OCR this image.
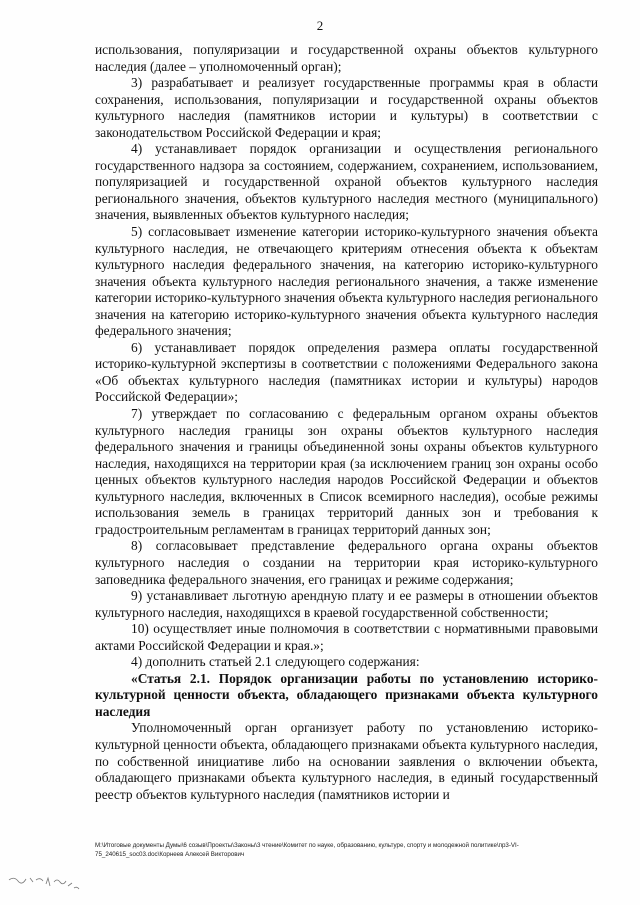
2

использования, популяризации и государственной охраны объектов культурного наследия (далее – уполномоченный орган);

3) разрабатывает и реализует государственные программы края в области сохранения, использования, популяризации и государственной охраны объектов культурного наследия (памятников истории и культуры) в соответствии с законодательством Российской Федерации и края;

4) устанавливает порядок организации и осуществления регионального государственного надзора за состоянием, содержанием, сохранением, использованием, популяризацией и государственной охраной объектов культурного наследия регионального значения, объектов культурного наследия местного (муниципального) значения, выявленных объектов культурного наследия;

5) согласовывает изменение категории историко-культурного значения объекта культурного наследия, не отвечающего критериям отнесения объекта к объектам культурного наследия федерального значения, на категорию историко-культурного значения объекта культурного наследия регионального значения, а также изменение категории историко-культурного значения объекта культурного наследия регионального значения на категорию историко-культурного значения объекта культурного наследия федерального значения;

6) устанавливает порядок определения размера оплаты государственной историко-культурной экспертизы в соответствии с положениями Федерального закона «Об объектах культурного наследия (памятниках истории и культуры) народов Российской Федерации»;

7) утверждает по согласованию с федеральным органом охраны объектов культурного наследия границы зон охраны объектов культурного наследия федерального значения и границы объединенной зоны охраны объектов культурного наследия, находящихся на территории края (за исключением границ зон охраны особо ценных объектов культурного наследия народов Российской Федерации и объектов культурного наследия, включенных в Список всемирного наследия), особые режимы использования земель в границах территорий данных зон и требования к градостроительным регламентам в границах территорий данных зон;

8) согласовывает представление федерального органа охраны объектов культурного наследия о создании на территории края историко-культурного заповедника федерального значения, его границах и режиме содержания;

9) устанавливает льготную арендную плату и ее размеры в отношении объектов культурного наследия, находящихся в краевой государственной собственности;

10) осуществляет иные полномочия в соответствии с нормативными правовыми актами Российской Федерации и края.»;

4) дополнить статьей 2.1 следующего содержания:

«Статья 2.1. Порядок организации работы по установлению историко-культурной ценности объекта, обладающего признаками объекта культурного наследия

Уполномоченный орган организует работу по установлению историко-культурной ценности объекта, обладающего признаками объекта культурного наследия, по собственной инициативе либо на основании заявления о включении объекта, обладающего признаками объекта культурного наследия, в единый государственный реестр объектов культурного наследия (памятников истории и

M:\Итоговые документы Думы\6 созыв\Проекты\Законы\3 чтение\Комитет по науке, образованию, культуре, спорту и молодежной политике\пр3-VI-75_240615_soc03.doc\Корнеев Алексей Викторович
